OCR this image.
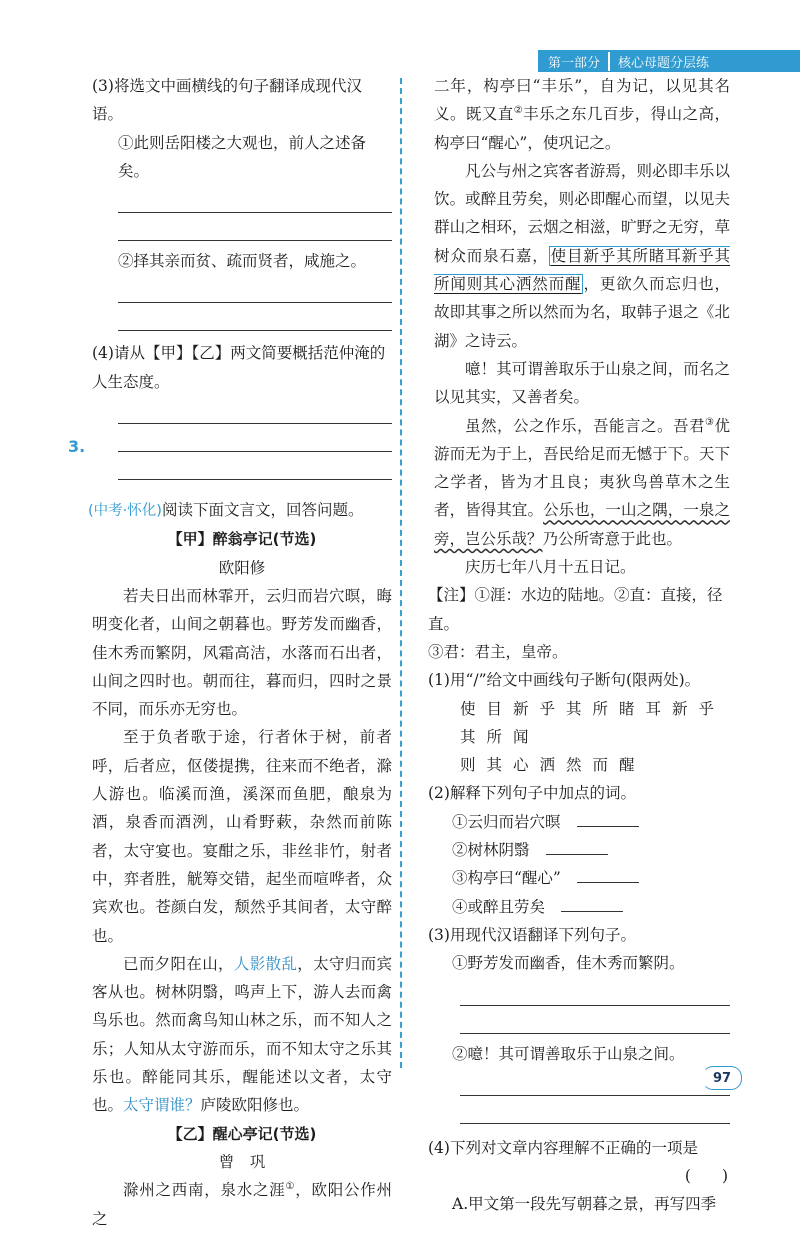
第一部分	核心母题分层练

(3)将选文中画横线的句子翻译成现代汉语。

①此则岳阳楼之大观也，前人之述备矣。

②择其亲而贫、疏而贤者，咸施之。

(4)请从【甲】【乙】两文简要概括范仲淹的人生态度。

(中考·怀化)阅读下面文言文，回答问题。

【甲】醉翁亭记(节选)

欧阳修

若夫日出而林霏开，云归而岩穴暝，晦明变化者，山间之朝暮也。野芳发而幽香，佳木秀而繁阴，风霜高洁，水落而石出者，山间之四时也。朝而往，暮而归，四时之景不同，而乐亦无穷也。

至于负者歌于途，行者休于树，前者呼，后者应，伛偻提携，往来而不绝者，滁人游也。临溪而渔，溪深而鱼肥，酿泉为酒，泉香而酒洌，山肴野蔌，杂然而前陈者，太守宴也。宴酣之乐，非丝非竹，射者中，弈者胜，觥筹交错，起坐而喧哗者，众宾欢也。苍颜白发，颓然乎其间者，太守醉也。

已而夕阳在山，人影散乱，太守归而宾客从也。树林阴翳，鸣声上下，游人去而禽鸟乐也。然而禽鸟知山林之乐，而不知人之乐；人知从太守游而乐，而不知太守之乐其乐也。醉能同其乐，醒能述以文者，太守也。太守谓谁？庐陵欧阳修也。

【乙】醒心亭记(节选)

曾　巩

滁州之西南，泉水之涯①，欧阳公作州之

3.

二年，构亭曰“丰乐”，自为记，以见其名义。既又直②丰乐之东几百步，得山之高，构亭曰“醒心”，使巩记之。

凡公与州之宾客者游焉，则必即丰乐以饮。或醉且劳矣，则必即醒心而望，以见夫群山之相环，云烟之相滋，旷野之无穷，草树众而泉石嘉， 使目新乎其所睹耳新乎其所闻则其心洒然而醒 ，更欲久而忘归也，故即其事之所以然而为名，取韩子退之《北湖》之诗云。

噫！其可谓善取乐于山泉之间，而名之以见其实，又善者矣。

虽然，公之作乐，吾能言之。吾君③优游而无为于上，吾民给足而无憾于下。天下之学者，皆为才且良；夷狄鸟兽草木之生者，皆得其宜。公乐也，一山之隅，一泉之旁，岂公乐哉？乃公所寄意于此也。

庆历七年八月十五日记。

【注】①涯：水边的陆地。②直：直接，径直。

③君：君主，皇帝。

(1)用“/”给文中画线句子断句(限两处)。

使目新乎其所睹耳新乎其所闻

则其心洒然而醒

(2)解释下列句子中加点的词。

①云归而岩穴暝

②树林阴翳

③构亭曰“醒心”

④或醉且劳矣

(3)用现代汉语翻译下列句子。

①野芳发而幽香，佳木秀而繁阴。

②噫！其可谓善取乐于山泉之间。

(4)下列对文章内容理解不正确的一项是

(　　)

A.甲文第一段先写朝暮之景，再写四季

97
